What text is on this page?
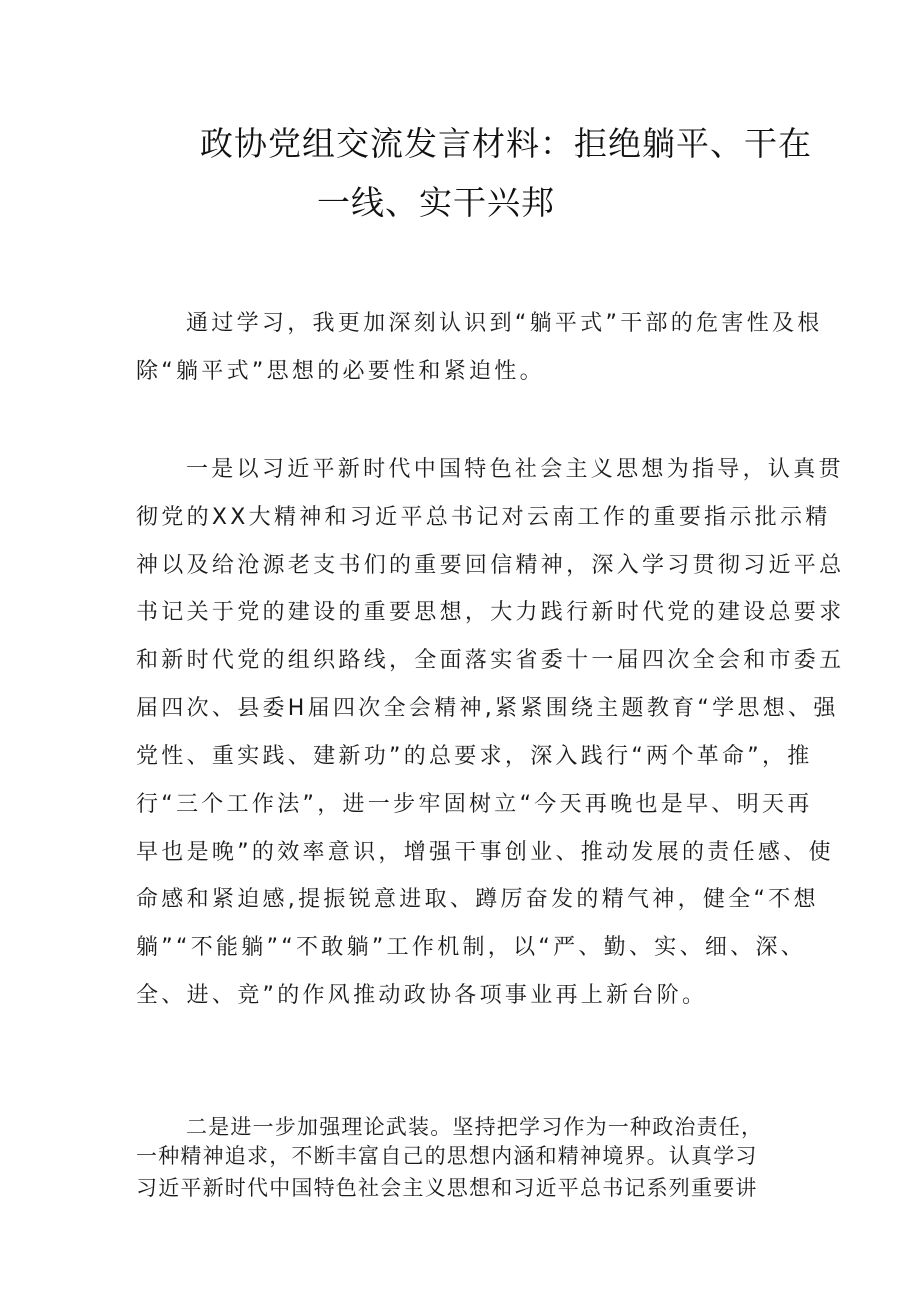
政协党组交流发言材料：拒绝躺平、干在
一线、实干兴邦
通过学习，我更加深刻认识到“躺平式”干部的危害性及根
除“躺平式”思想的必要性和紧迫性。
一是以习近平新时代中国特色社会主义思想为指导，认真贯
彻党的XX大精神和习近平总书记对云南工作的重要指示批示精
神以及给沧源老支书们的重要回信精神，深入学习贯彻习近平总
书记关于党的建设的重要思想，大力践行新时代党的建设总要求
和新时代党的组织路线，全面落实省委十一届四次全会和市委五
届四次、县委H届四次全会精神,紧紧围绕主题教育“学思想、强
党性、重实践、建新功”的总要求，深入践行“两个革命”，推
行“三个工作法”，进一步牢固树立“今天再晚也是早、明天再
早也是晚”的效率意识，增强干事创业、推动发展的责任感、使
命感和紧迫感,提振锐意进取、蹲厉奋发的精气神，健全“不想
躺”“不能躺”“不敢躺”工作机制，以“严、勤、实、细、深、
全、进、竞”的作风推动政协各项事业再上新台阶。
二是进一步加强理论武装。坚持把学习作为一种政治责任，
一种精神追求，不断丰富自己的思想内涵和精神境界。认真学习
习近平新时代中国特色社会主义思想和习近平总书记系列重要讲
